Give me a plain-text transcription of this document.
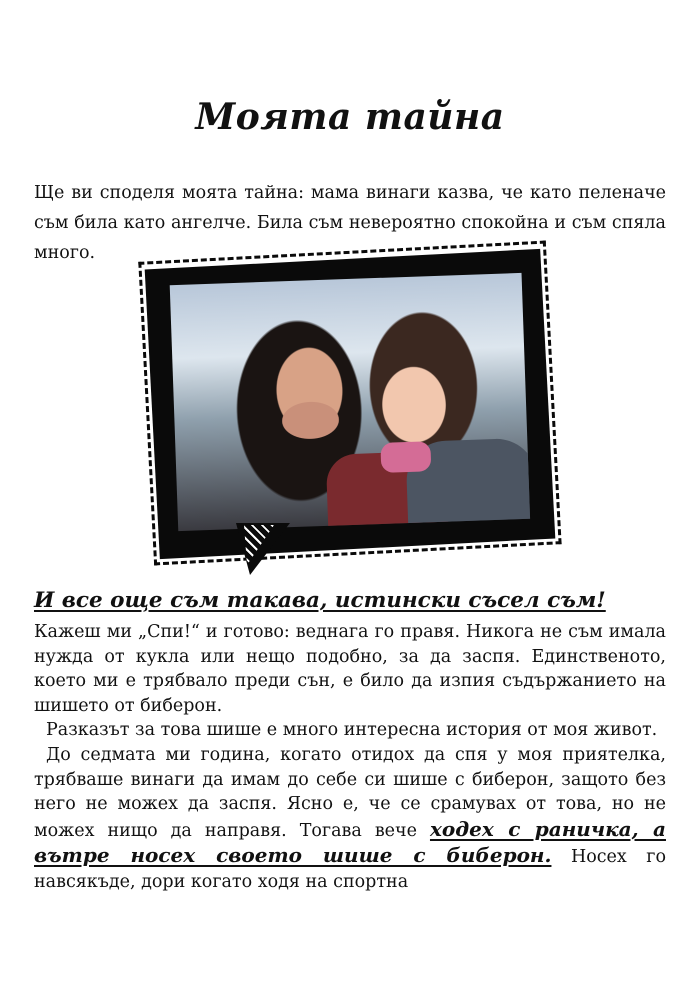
Моята тайна
Ще ви споделя моята тайна: мама винаги казва, че като пеленаче съм била като ангелче. Била съм невероятно спокойна и съм спяла много.
И все още съм такава, истински съсел съм!

Кажеш ми „Спи!“ и готово: веднага го правя. Никога не съм имала нужда от кукла или нещо подобно, за да заспя. Единственото, което ми е трябвало преди сън, е било да изпия съдържанието на шишето от биберон.

Разказът за това шише е много интересна история от моя живот.

До седмата ми година, когато отидох да спя у моя приятелка, трябваше винаги да имам до себе си шише с биберон, защото без него не можех да заспя. Ясно е, че се срамувах от това, но не можех нищо да направя. Тогава вече ходех с раничка, а вътре носех своето шише с биберон. Носех го навсякъде, дори когато ходя на спортна
